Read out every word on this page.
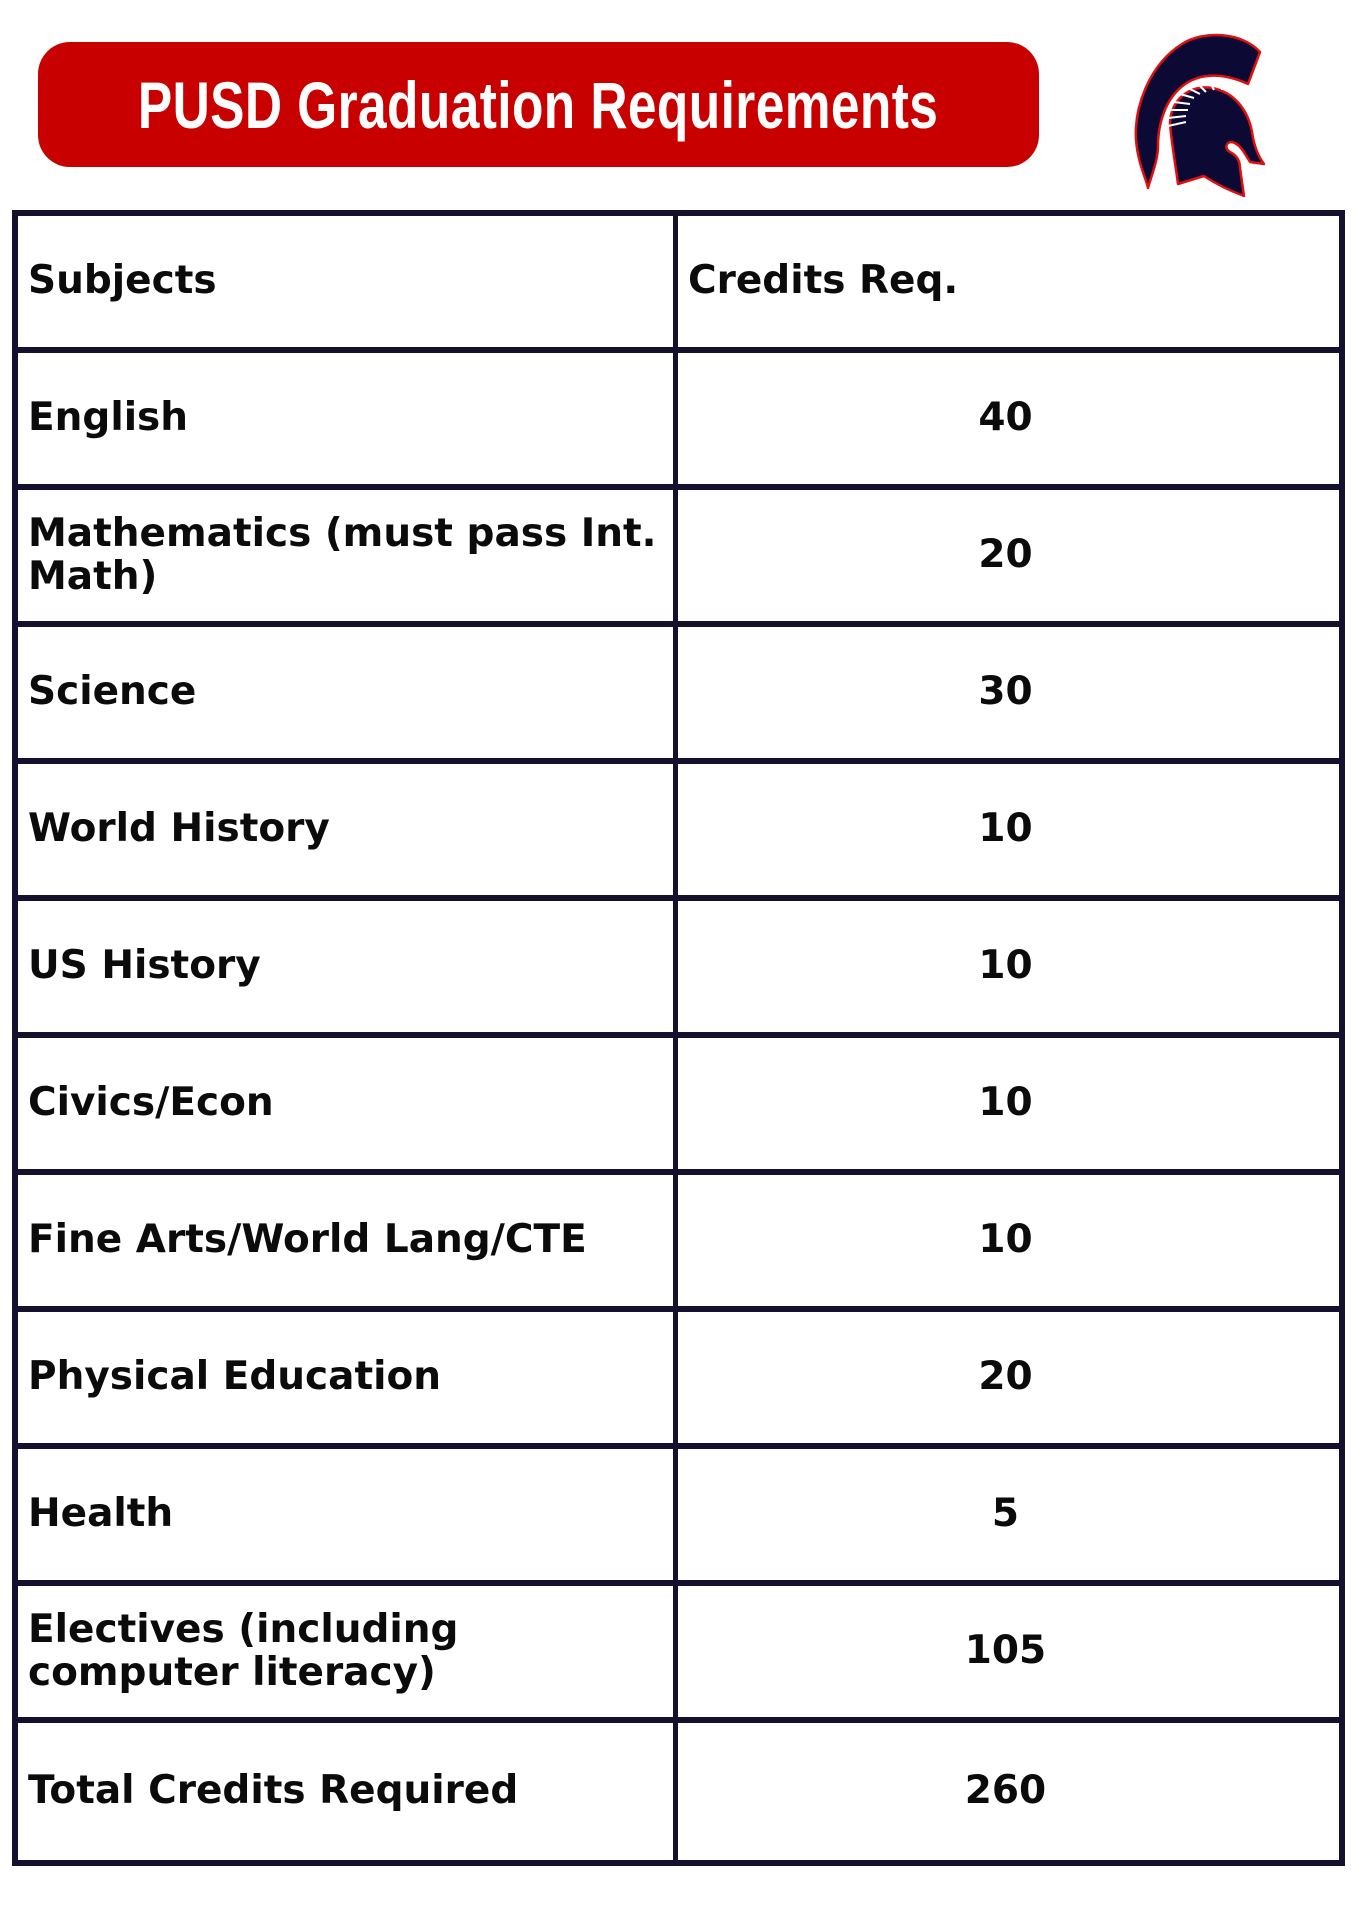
PUSD Graduation Requirements
Subjects	Credits Req.
English	40
Mathematics (must pass Int. Math)	20
Science	30
World History	10
US History	10
Civics/Econ	10
Fine Arts/World Lang/CTE	10
Physical Education	20
Health	5
Electives (including computer literacy)	105
Total Credits Required	260
